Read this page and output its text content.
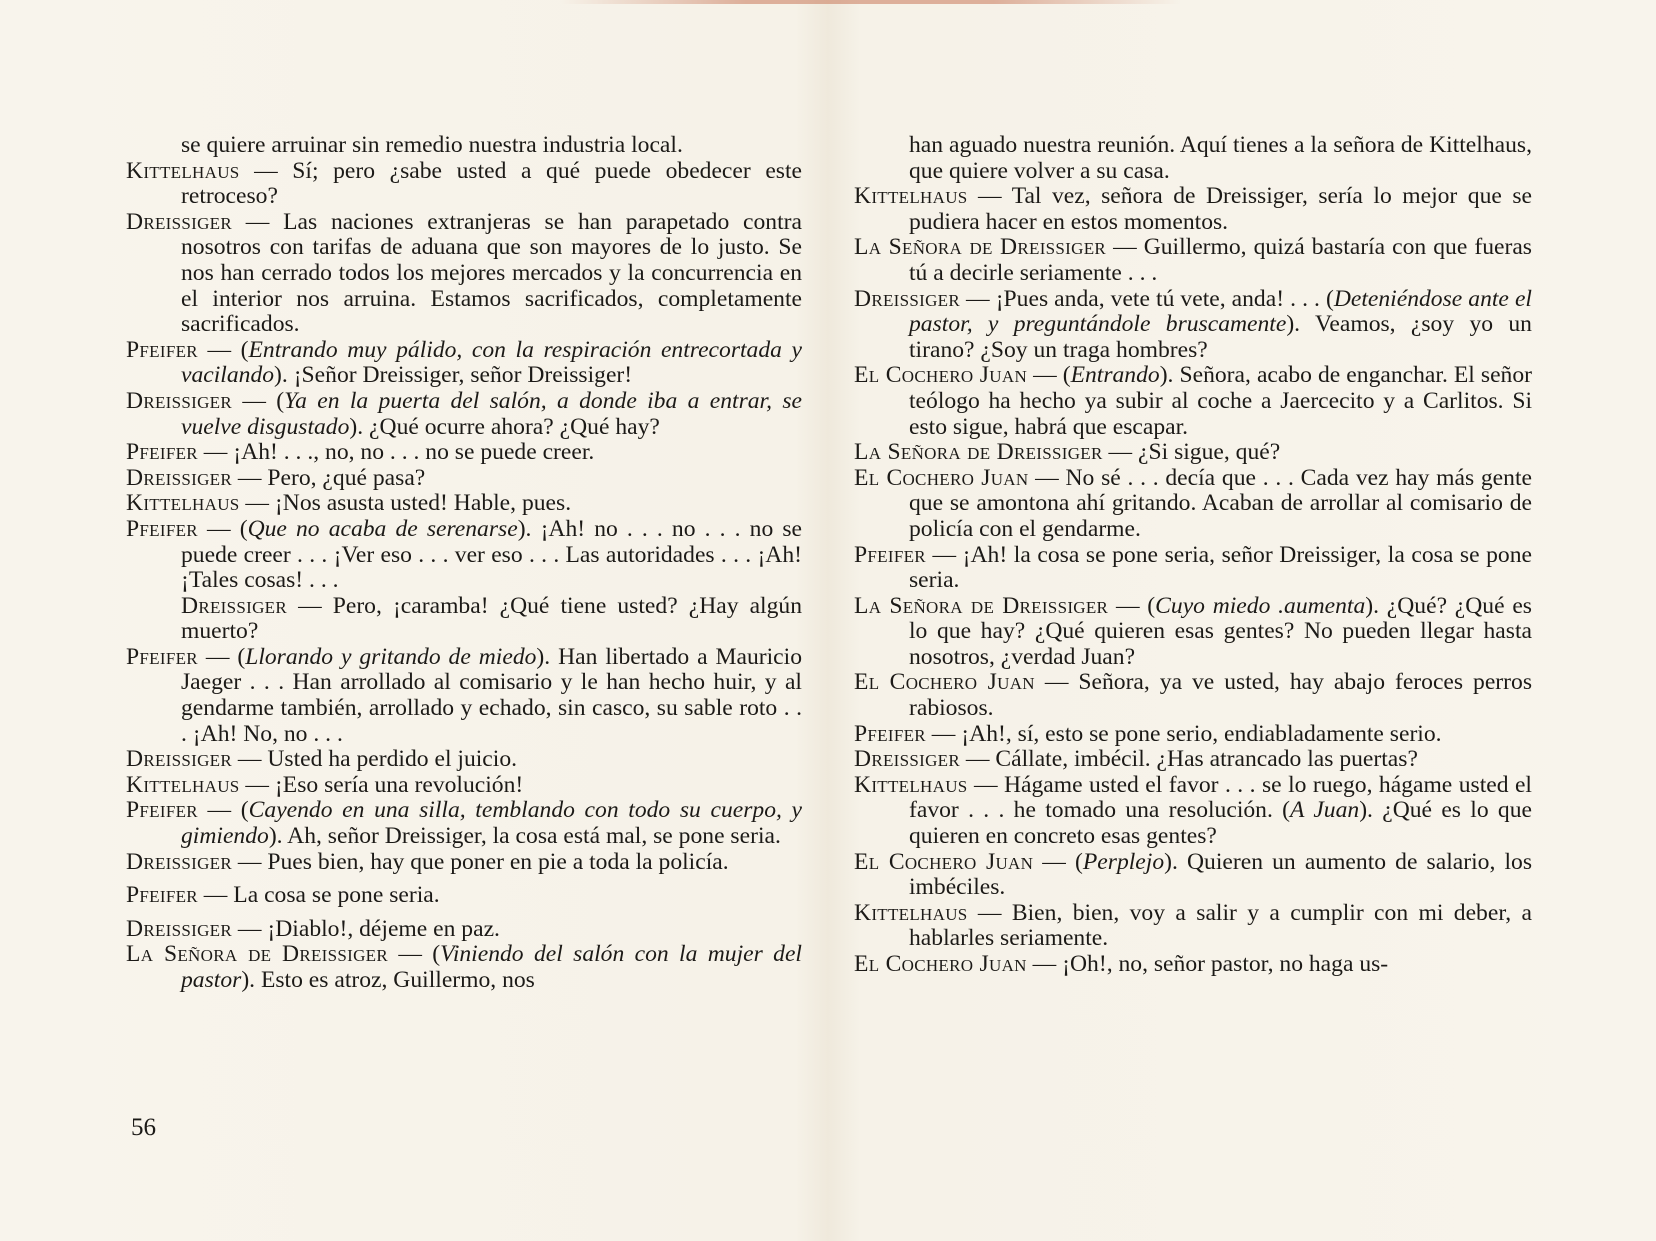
se quiere arruinar sin remedio nuestra industria local.

Kittelhaus — Sí; pero ¿sabe usted a qué puede obedecer este retroceso?

Dreissiger — Las naciones extranjeras se han parapetado contra nosotros con tarifas de aduana que son mayores de lo justo. Se nos han cerrado todos los mejores mercados y la concurrencia en el interior nos arruina. Estamos sacrificados, completamente sacrificados.

Pfeifer — (Entrando muy pálido, con la respiración entrecortada y vacilando). ¡Señor Dreissiger, señor Dreissiger!

Dreissiger — (Ya en la puerta del salón, a donde iba a entrar, se vuelve disgustado). ¿Qué ocurre ahora? ¿Qué hay?

Pfeifer — ¡Ah! . . ., no, no . . . no se puede creer.

Dreissiger — Pero, ¿qué pasa?

Kittelhaus — ¡Nos asusta usted! Hable, pues.

Pfeifer — (Que no acaba de serenarse). ¡Ah! no . . . no . . . no se puede creer . . . ¡Ver eso . . . ver eso . . . Las autoridades . . . ¡Ah! ¡Tales cosas! . . .

Dreissiger — Pero, ¡caramba! ¿Qué tiene usted? ¿Hay algún muerto?

Pfeifer — (Llorando y gritando de miedo). Han libertado a Mauricio Jaeger . . . Han arrollado al comisario y le han hecho huir, y al gendarme también, arrollado y echado, sin casco, su sable roto . . . ¡Ah! No, no . . .

Dreissiger — Usted ha perdido el juicio.

Kittelhaus — ¡Eso sería una revolución!

Pfeifer — (Cayendo en una silla, temblando con todo su cuerpo, y gimiendo). Ah, señor Dreissiger, la cosa está mal, se pone seria.

Dreissiger — Pues bien, hay que poner en pie a toda la policía.

Pfeifer — La cosa se pone seria.

Dreissiger — ¡Diablo!, déjeme en paz.

La Señora de Dreissiger — (Viniendo del salón con la mujer del pastor). Esto es atroz, Guillermo, nos

han aguado nuestra reunión. Aquí tienes a la señora de Kittelhaus, que quiere volver a su casa.

Kittelhaus — Tal vez, señora de Dreissiger, sería lo mejor que se pudiera hacer en estos momentos.

La Señora de Dreissiger — Guillermo, quizá bastaría con que fueras tú a decirle seriamente . . .

Dreissiger — ¡Pues anda, vete tú vete, anda! . . . (Deteniéndose ante el pastor, y preguntándole bruscamente). Veamos, ¿soy yo un tirano? ¿Soy un traga hombres?

El Cochero Juan — (Entrando). Señora, acabo de enganchar. El señor teólogo ha hecho ya subir al coche a Jaercecito y a Carlitos. Si esto sigue, habrá que escapar.

La Señora de Dreissiger — ¿Si sigue, qué?

El Cochero Juan — No sé . . . decía que . . . Cada vez hay más gente que se amontona ahí gritando. Acaban de arrollar al comisario de policía con el gendarme.

Pfeifer — ¡Ah! la cosa se pone seria, señor Dreissiger, la cosa se pone seria.

La Señora de Dreissiger — (Cuyo miedo .aumenta). ¿Qué? ¿Qué es lo que hay? ¿Qué quieren esas gentes? No pueden llegar hasta nosotros, ¿verdad Juan?

El Cochero Juan — Señora, ya ve usted, hay abajo feroces perros rabiosos.

Pfeifer — ¡Ah!, sí, esto se pone serio, endiabladamente serio.

Dreissiger — Cállate, imbécil. ¿Has atrancado las puertas?

Kittelhaus — Hágame usted el favor . . . se lo ruego, hágame usted el favor . . . he tomado una resolución. (A Juan). ¿Qué es lo que quieren en concreto esas gentes?

El Cochero Juan — (Perplejo). Quieren un aumento de salario, los imbéciles.

Kittelhaus — Bien, bien, voy a salir y a cumplir con mi deber, a hablarles seriamente.

El Cochero Juan — ¡Oh!, no, señor pastor, no haga us-

56
